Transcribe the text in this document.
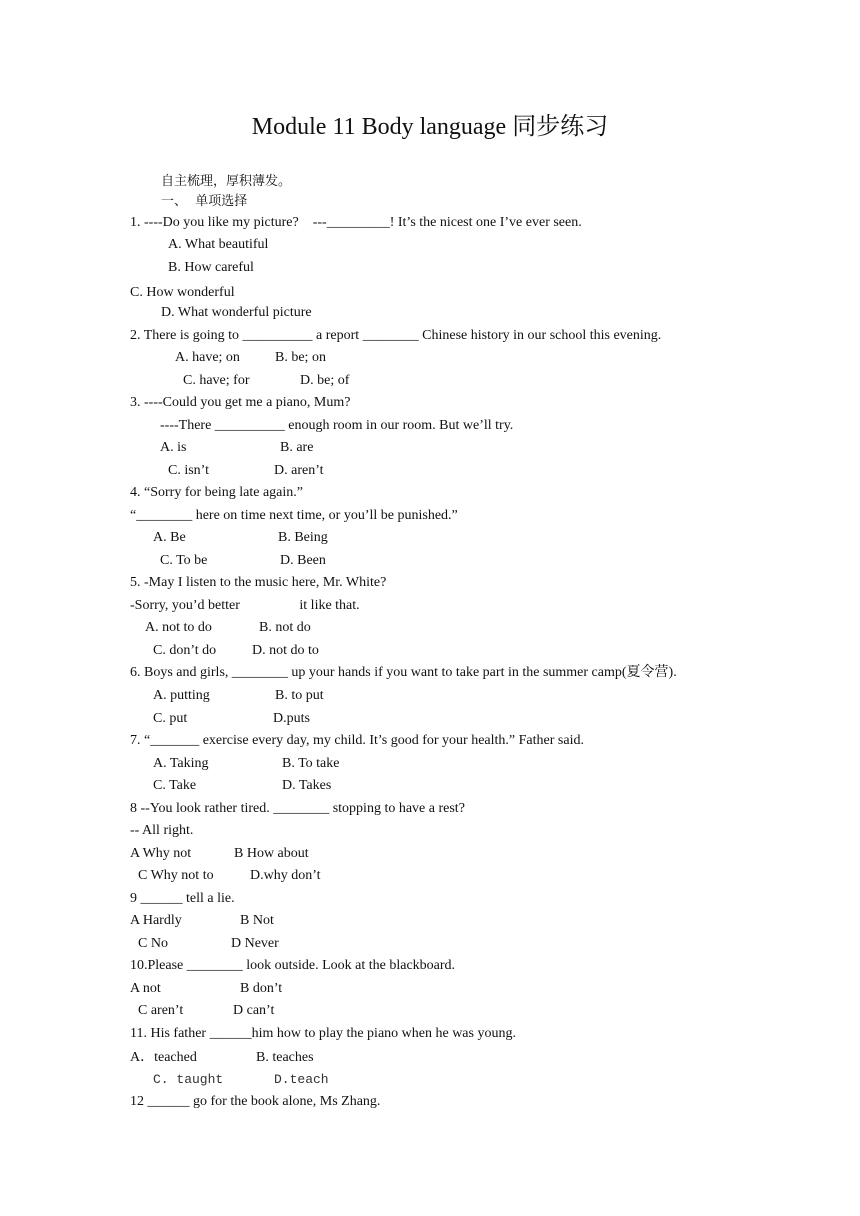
Module 11 Body language 同步练习
自主梳理，厚积薄发。
一、  单项选择
1. ----Do you like my picture?    ---_________! It’s the nicest one I’ve ever seen.
A. What beautiful
B. How careful
C. How wonderful
D. What wonderful picture
2. There is going to __________ a report ________ Chinese history in our school this evening.
A. have; on	B. be; on
C. have; for	D. be; of
3. ----Could you get me a piano, Mum?
----There __________ enough room in our room. But we’ll try.
A. is	B. are
C. isn’t	D. aren’t
4. “Sorry for being late again.”
“________ here on time next time, or you’ll be punished.”
A. Be	B. Being
C. To be	D. Been
5. -May I listen to the music here, Mr. White?
-Sorry, you’d better                 it like that.
A. not to do	B. not do
C. don’t do	D. not do to
6. Boys and girls, ________ up your hands if you want to take part in the summer camp(夏令营).
A. putting	B. to put
C. put	D.puts
7. “_______ exercise every day, my child. It’s good for your health.” Father said.
A. Taking	B. To take
C. Take	D. Takes
8 --You look rather tired. ________ stopping to have a rest?
-- All right.
A Why not	B How about
C Why not to	D.why don’t
9 ______ tell a lie.
A Hardly	B Not
C No	D Never
10.Please ________ look outside. Look at the blackboard.
A not	B don’t
C aren’t	D can’t
11. His father ______him how to play the piano when he was young.
A．teached	B. teaches
C. taught	D.teach
12 ______ go for the book alone, Ms Zhang.
